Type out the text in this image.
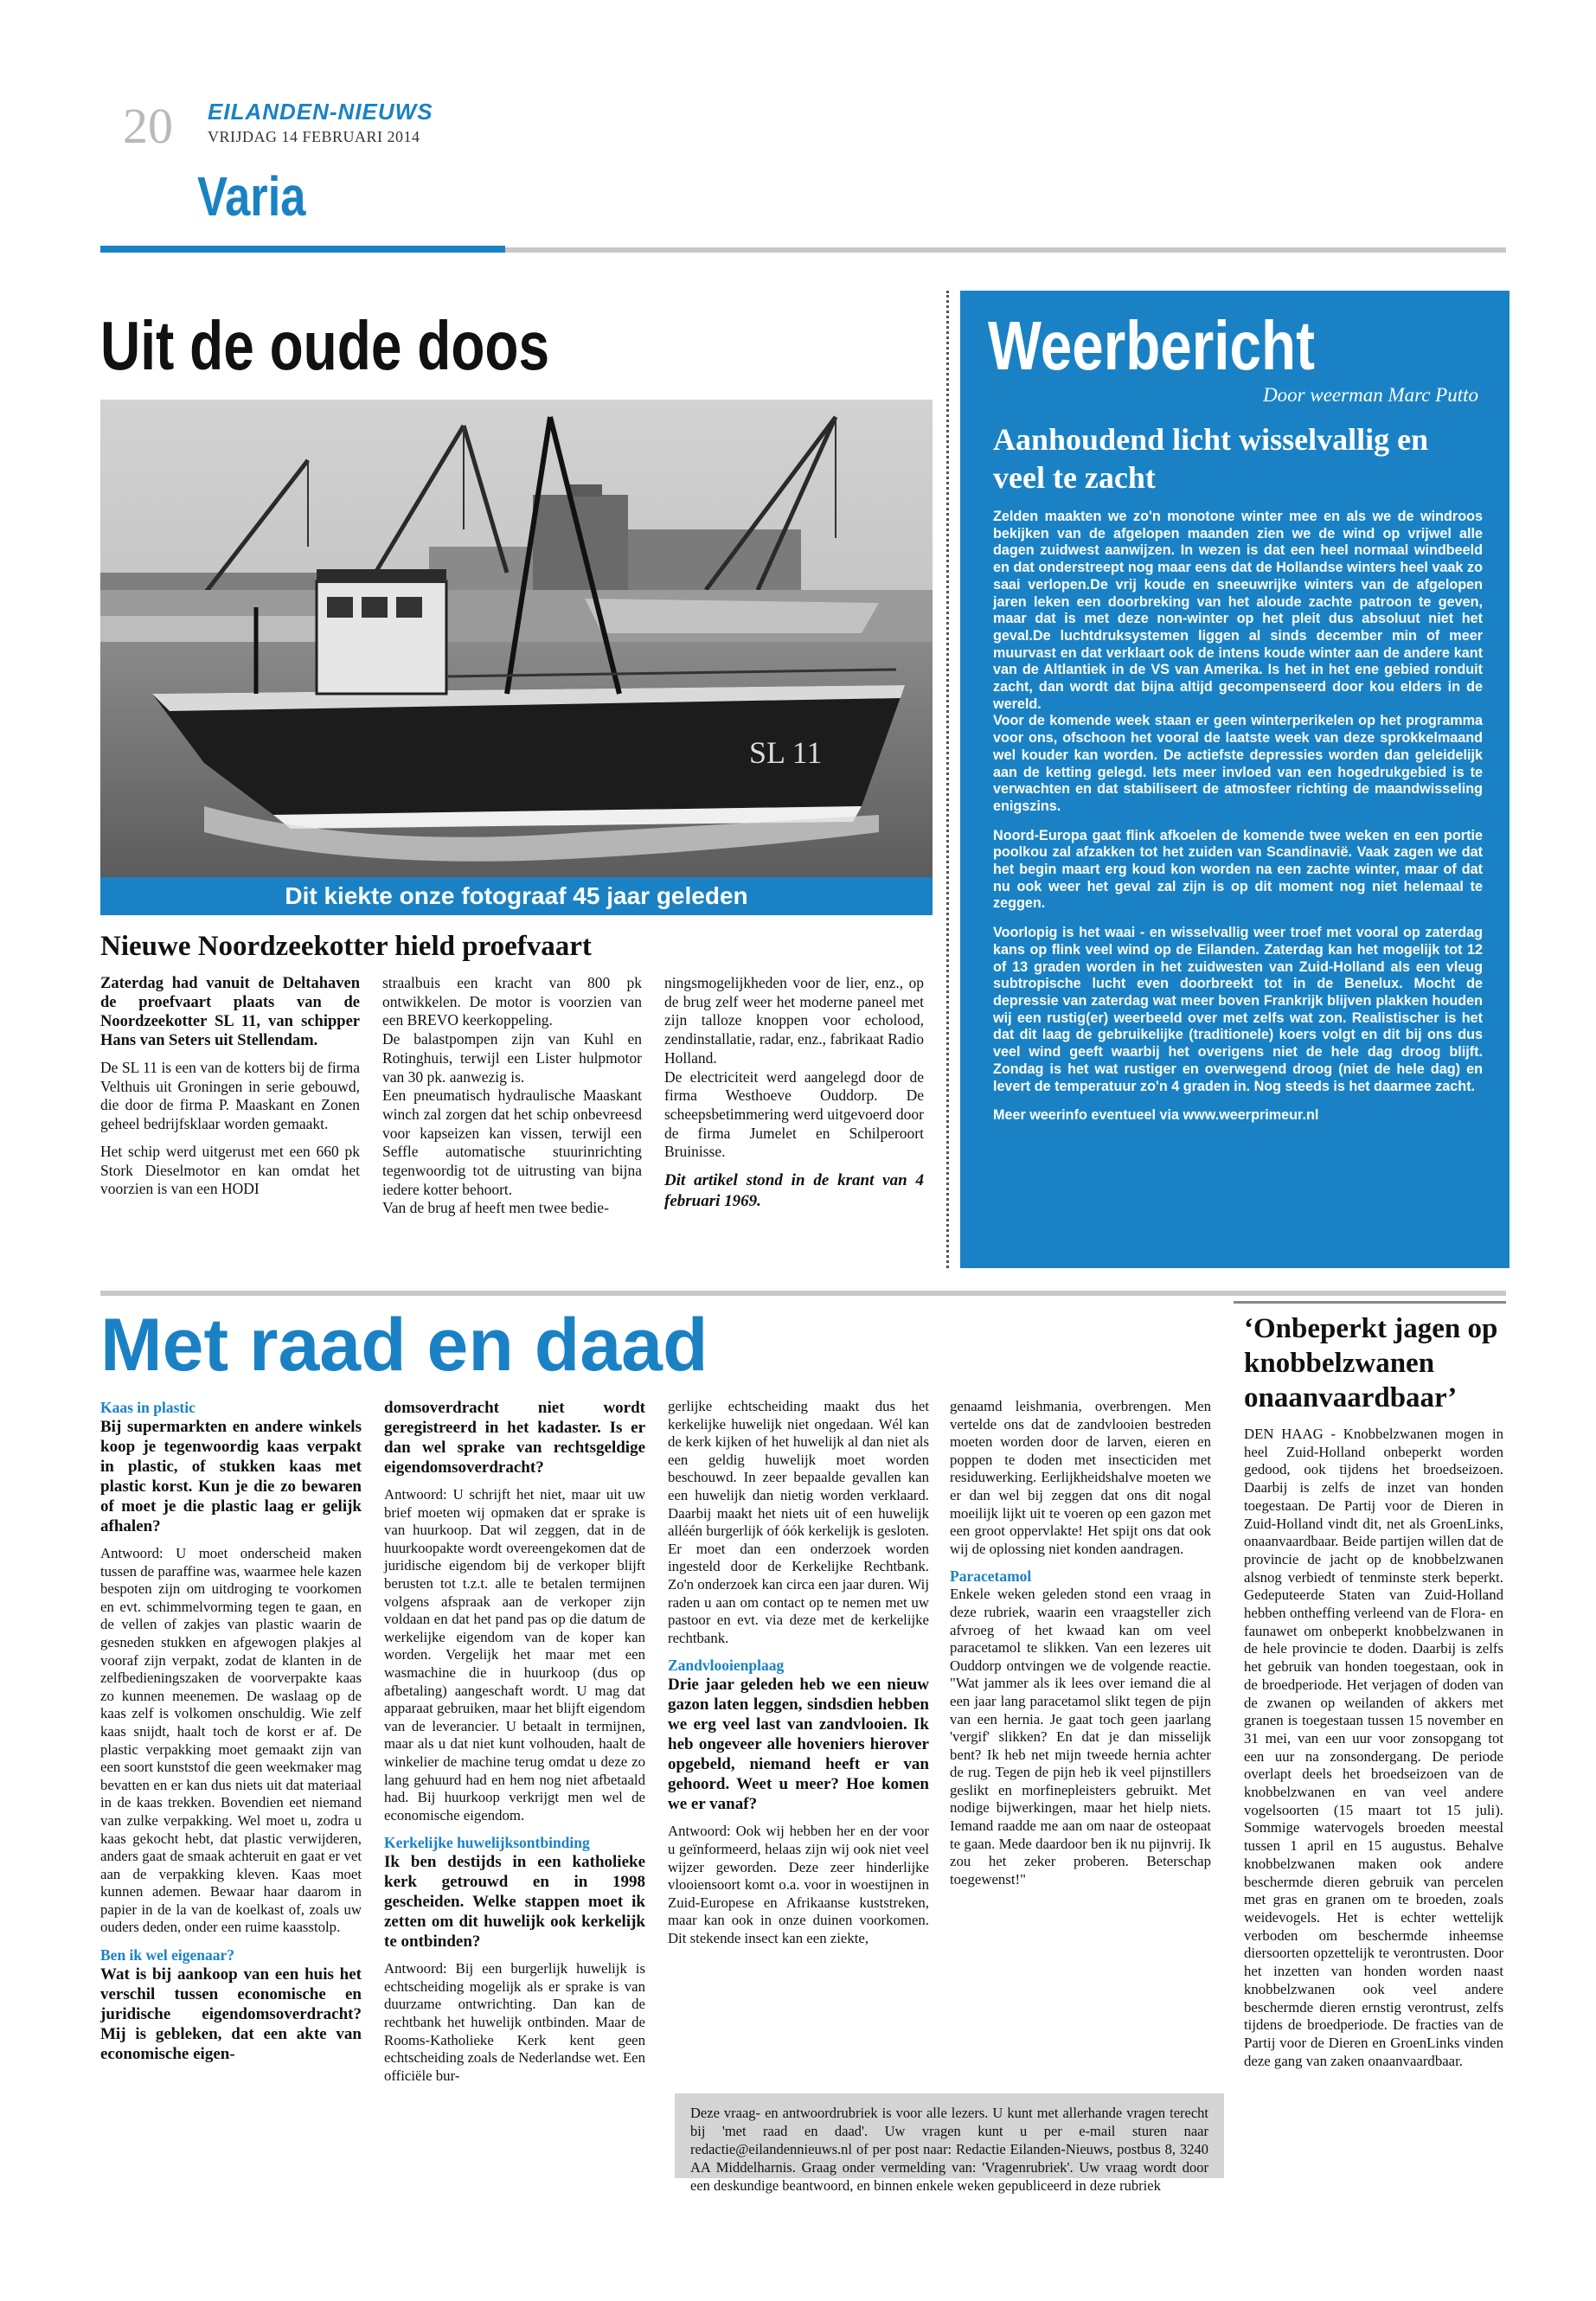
20 EILANDEN-NIEUWS
VRIJDAG 14 FEBRUARI 2014
Varia
Uit de oude doos
SL 11
Dit kiektе onze fotograaf 45 jaar geleden
Nieuwe Noordzeekotter hield proefvaart

Zaterdag had vanuit de Deltahaven de proefvaart plaats van de Noordzeekotter SL 11, van schipper Hans van Seters uit Stellendam.

De SL 11 is een van de kotters bij de firma Velthuis uit Groningen in serie gebouwd, die door de firma P. Maaskant en Zonen geheel bedrijfsklaar worden gemaakt.

Het schip werd uitgerust met een 660 pk Stork Dieselmotor en kan omdat het voorzien is van een HODI

straalbuis een kracht van 800 pk ontwikkelen. De motor is voorzien van een BREVO keerkoppeling.

De balastpompen zijn van Kuhl en Rotinghuis, terwijl een Lister hulpmotor van 30 pk. aanwezig is.

Een pneumatisch hydraulische Maaskant winch zal zorgen dat het schip onbevreesd voor kapseizen kan vissen, terwijl een Seffle automatische stuurinrichting tegenwoordig tot de uitrusting van bijna iedere kotter behoort.

Van de brug af heeft men twee bedie-

ningsmogelijkheden voor de lier, enz., op de brug zelf weer het moderne paneel met zijn talloze knoppen voor echolood, zendinstallatie, radar, enz., fabrikaat Radio Holland.

De electriciteit werd aangelegd door de firma Westhoeve Ouddorp. De scheepsbetimmering werd uitgevoerd door de firma Jumelet en Schilperoort Bruinisse.

Dit artikel stond in de krant van 4 februari 1969.

Weerbericht
Door weerman Marc Putto
Aanhoudend licht wisselvallig en veel te zacht

Zelden maakten we zo'n monotone winter mee en als we de windroos bekijken van de afgelopen maanden zien we de wind op vrijwel alle dagen zuidwest aanwijzen. In wezen is dat een heel normaal windbeeld en dat onderstreept nog maar eens dat de Hollandse winters heel vaak zo saai verlopen.De vrij koude en sneeuwrijke winters van de afgelopen jaren leken een doorbreking van het aloude zachte patroon te geven, maar dat is met deze non-winter op het pleit dus absoluut niet het geval.De luchtdruksystemen liggen al sinds december min of meer muurvast en dat verklaart ook de intens koude winter aan de andere kant van de Altlantiek in de VS van Amerika. Is het in het ene gebied ronduit zacht, dan wordt dat bijna altijd gecompenseerd door kou elders in de wereld.

Voor de komende week staan er geen winterperikelen op het programma voor ons, ofschoon het vooral de laatste week van deze sprokkelmaand wel kouder kan worden. De actiefste depressies worden dan geleidelijk aan de ketting gelegd. Iets meer invloed van een hogedrukgebied is te verwachten en dat stabiliseert de atmosfeer richting de maandwisseling enigszins.

Noord-Europa gaat flink afkoelen de komende twee weken en een portie poolkou zal afzakken tot het zuiden van Scandinavië. Vaak zagen we dat het begin maart erg koud kon worden na een zachte winter, maar of dat nu ook weer het geval zal zijn is op dit moment nog niet helemaal te zeggen.

Voorlopig is het waai - en wisselvallig weer troef met vooral op zaterdag kans op flink veel wind op de Eilanden. Zaterdag kan het mogelijk tot 12 of 13 graden worden in het zuidwesten van Zuid-Holland als een vleug subtropische lucht even doorbreekt tot in de Benelux. Mocht de depressie van zaterdag wat meer boven Frankrijk blijven plakken houden wij een rustig(er) weerbeeld over met zelfs wat zon. Realistischer is het dat dit laag de gebruikelijke (traditionele) koers volgt en dit bij ons dus veel wind geeft waarbij het overigens niet de hele dag droog blijft. Zondag is het wat rustiger en overwegend droog (niet de hele dag) en levert de temperatuur zo'n 4 graden in. Nog steeds is het daarmee zacht.

Meer weerinfo eventueel via www.weerprimeur.nl

Met raad en daad
Kaas in plastic

Bij supermarkten en andere winkels koop je tegenwoordig kaas verpakt in plastic, of stukken kaas met plastic korst. Kun je die zo bewaren of moet je die plastic laag er gelijk afhalen?

Antwoord: U moet onderscheid maken tussen de paraffine was, waarmee hele kazen bespoten zijn om uitdroging te voorkomen en evt. schimmelvorming tegen te gaan, en de vellen of zakjes van plastic waarin de gesneden stukken en afgewogen plakjes al vooraf zijn verpakt, zodat de klanten in de zelfbedieningszaken de voorverpakte kaas zo kunnen meenemen. De waslaag op de kaas zelf is volkomen onschuldig. Wie zelf kaas snijdt, haalt toch de korst er af. De plastic verpakking moet gemaakt zijn van een soort kunststof die geen weekmaker mag bevatten en er kan dus niets uit dat materiaal in de kaas trekken. Bovendien eet niemand van zulke verpakking. Wel moet u, zodra u kaas gekocht hebt, dat plastic verwijderen, anders gaat de smaak achteruit en gaat er vet aan de verpakking kleven. Kaas moet kunnen ademen. Bewaar haar daarom in papier in de la van de koelkast of, zoals uw ouders deden, onder een ruime kaasstolp.

Ben ik wel eigenaar?

Wat is bij aankoop van een huis het verschil tussen economische en juridische eigendomsoverdracht? Mij is gebleken, dat een akte van economische eigen-

domsoverdracht niet wordt geregistreerd in het kadaster. Is er dan wel sprake van rechtsgeldige eigendomsoverdracht?

Antwoord: U schrijft het niet, maar uit uw brief moeten wij opmaken dat er sprake is van huurkoop. Dat wil zeggen, dat in de huurkoopakte wordt overeengekomen dat de juridische eigendom bij de verkoper blijft berusten tot t.z.t. alle te betalen termijnen volgens afspraak aan de verkoper zijn voldaan en dat het pand pas op die datum de werkelijke eigendom van de koper kan worden. Vergelijk het maar met een wasmachine die in huurkoop (dus op afbetaling) aangeschaft wordt. U mag dat apparaat gebruiken, maar het blijft eigendom van de leverancier. U betaalt in termijnen, maar als u dat niet kunt volhouden, haalt de winkelier de machine terug omdat u deze zo lang gehuurd had en hem nog niet afbetaald had. Bij huurkoop verkrijgt men wel de economische eigendom.

Kerkelijke huwelijksontbinding

Ik ben destijds in een katholieke kerk getrouwd en in 1998 gescheiden. Welke stappen moet ik zetten om dit huwelijk ook kerkelijk te ontbinden?

Antwoord: Bij een burgerlijk huwelijk is echtscheiding mogelijk als er sprake is van duurzame ontwrichting. Dan kan de rechtbank het huwelijk ontbinden. Maar de Rooms-Katholieke Kerk kent geen echtscheiding zoals de Nederlandse wet. Een officiële bur-

gerlijke echtscheiding maakt dus het kerkelijke huwelijk niet ongedaan. Wél kan de kerk kijken of het huwelijk al dan niet als een geldig huwelijk moet worden beschouwd. In zeer bepaalde gevallen kan een huwelijk dan nietig worden verklaard. Daarbij maakt het niets uit of een huwelijk alléén burgerlijk of óók kerkelijk is gesloten. Er moet dan een onderzoek worden ingesteld door de Kerkelijke Rechtbank. Zo'n onderzoek kan circa een jaar duren. Wij raden u aan om contact op te nemen met uw pastoor en evt. via deze met de kerkelijke rechtbank.

Zandvlooienplaag

Drie jaar geleden heb we een nieuw gazon laten leggen, sindsdien hebben we erg veel last van zandvlooien. Ik heb ongeveer alle hoveniers hierover opgebeld, niemand heeft er van gehoord. Weet u meer? Hoe komen we er vanaf?

Antwoord: Ook wij hebben her en der voor u geïnformeerd, helaas zijn wij ook niet veel wijzer geworden. Deze zeer hinderlijke vlooiensoort komt o.a. voor in woestijnen in Zuid-Europese en Afrikaanse kuststreken, maar kan ook in onze duinen voorkomen. Dit stekende insect kan een ziekte,

genaamd leishmania, overbrengen. Men vertelde ons dat de zandvlooien bestreden moeten worden door de larven, eieren en poppen te doden met insecticiden met residuwerking. Eerlijkheidshalve moeten we er dan wel bij zeggen dat ons dit nogal moeilijk lijkt uit te voeren op een gazon met een groot oppervlakte! Het spijt ons dat ook wij de oplossing niet konden aandragen.

Paracetamol

Enkele weken geleden stond een vraag in deze rubriek, waarin een vraagsteller zich afvroeg of het kwaad kan om veel paracetamol te slikken. Van een lezeres uit Ouddorp ontvingen we de volgende reactie. "Wat jammer als ik lees over iemand die al een jaar lang paracetamol slikt tegen de pijn van een hernia. Je gaat toch geen jaarlang 'vergif' slikken? En dat je dan misselijk bent? Ik heb net mijn tweede hernia achter de rug. Tegen de pijn heb ik veel pijnstillers geslikt en morfinepleisters gebruikt. Met nodige bijwerkingen, maar het hielp niets. Iemand raadde me aan om naar de osteopaat te gaan. Mede daardoor ben ik nu pijnvrij. Ik zou het zeker proberen. Beterschap toegewenst!"

Deze vraag- en antwoordrubriek is voor alle lezers. U kunt met allerhande vragen terecht bij 'met raad en daad'. Uw vragen kunt u per e-mail sturen naar redactie@eilandennieuws.nl of per post naar: Redactie Eilanden-Nieuws, postbus 8, 3240 AA Middelharnis. Graag onder vermelding van: 'Vragenrubriek'. Uw vraag wordt door een deskundige beantwoord, en binnen enkele weken gepubliceerd in deze rubriek
‘Onbeperkt jagen op knobbelzwanen onaanvaardbaar’

DEN HAAG - Knobbelzwanen mogen in heel Zuid-Holland onbeperkt worden gedood, ook tijdens het broedseizoen. Daarbij is zelfs de inzet van honden toegestaan. De Partij voor de Dieren in Zuid-Holland vindt dit, net als GroenLinks, onaanvaardbaar. Beide partijen willen dat de provincie de jacht op de knobbelzwanen alsnog verbiedt of tenminste sterk beperkt. Gedeputeerde Staten van Zuid-Holland hebben ontheffing verleend van de Flora- en faunawet om onbeperkt knobbelzwanen in de hele provincie te doden. Daarbij is zelfs het gebruik van honden toegestaan, ook in de broedperiode. Het verjagen of doden van de zwanen op weilanden of akkers met granen is toegestaan tussen 15 november en 31 mei, van een uur voor zonsopgang tot een uur na zonsondergang. De periode overlapt deels het broedseizoen van de knobbelzwanen en van veel andere vogelsoorten (15 maart tot 15 juli). Sommige watervogels broeden meestal tussen 1 april en 15 augustus. Behalve knobbelzwanen maken ook andere beschermde dieren gebruik van percelen met gras en granen om te broeden, zoals weidevogels. Het is echter wettelijk verboden om beschermde inheemse diersoorten opzettelijk te verontrusten. Door het inzetten van honden worden naast knobbelzwanen ook veel andere beschermde dieren ernstig verontrust, zelfs tijdens de broedperiode. De fracties van de Partij voor de Dieren en GroenLinks vinden deze gang van zaken onaanvaardbaar.
